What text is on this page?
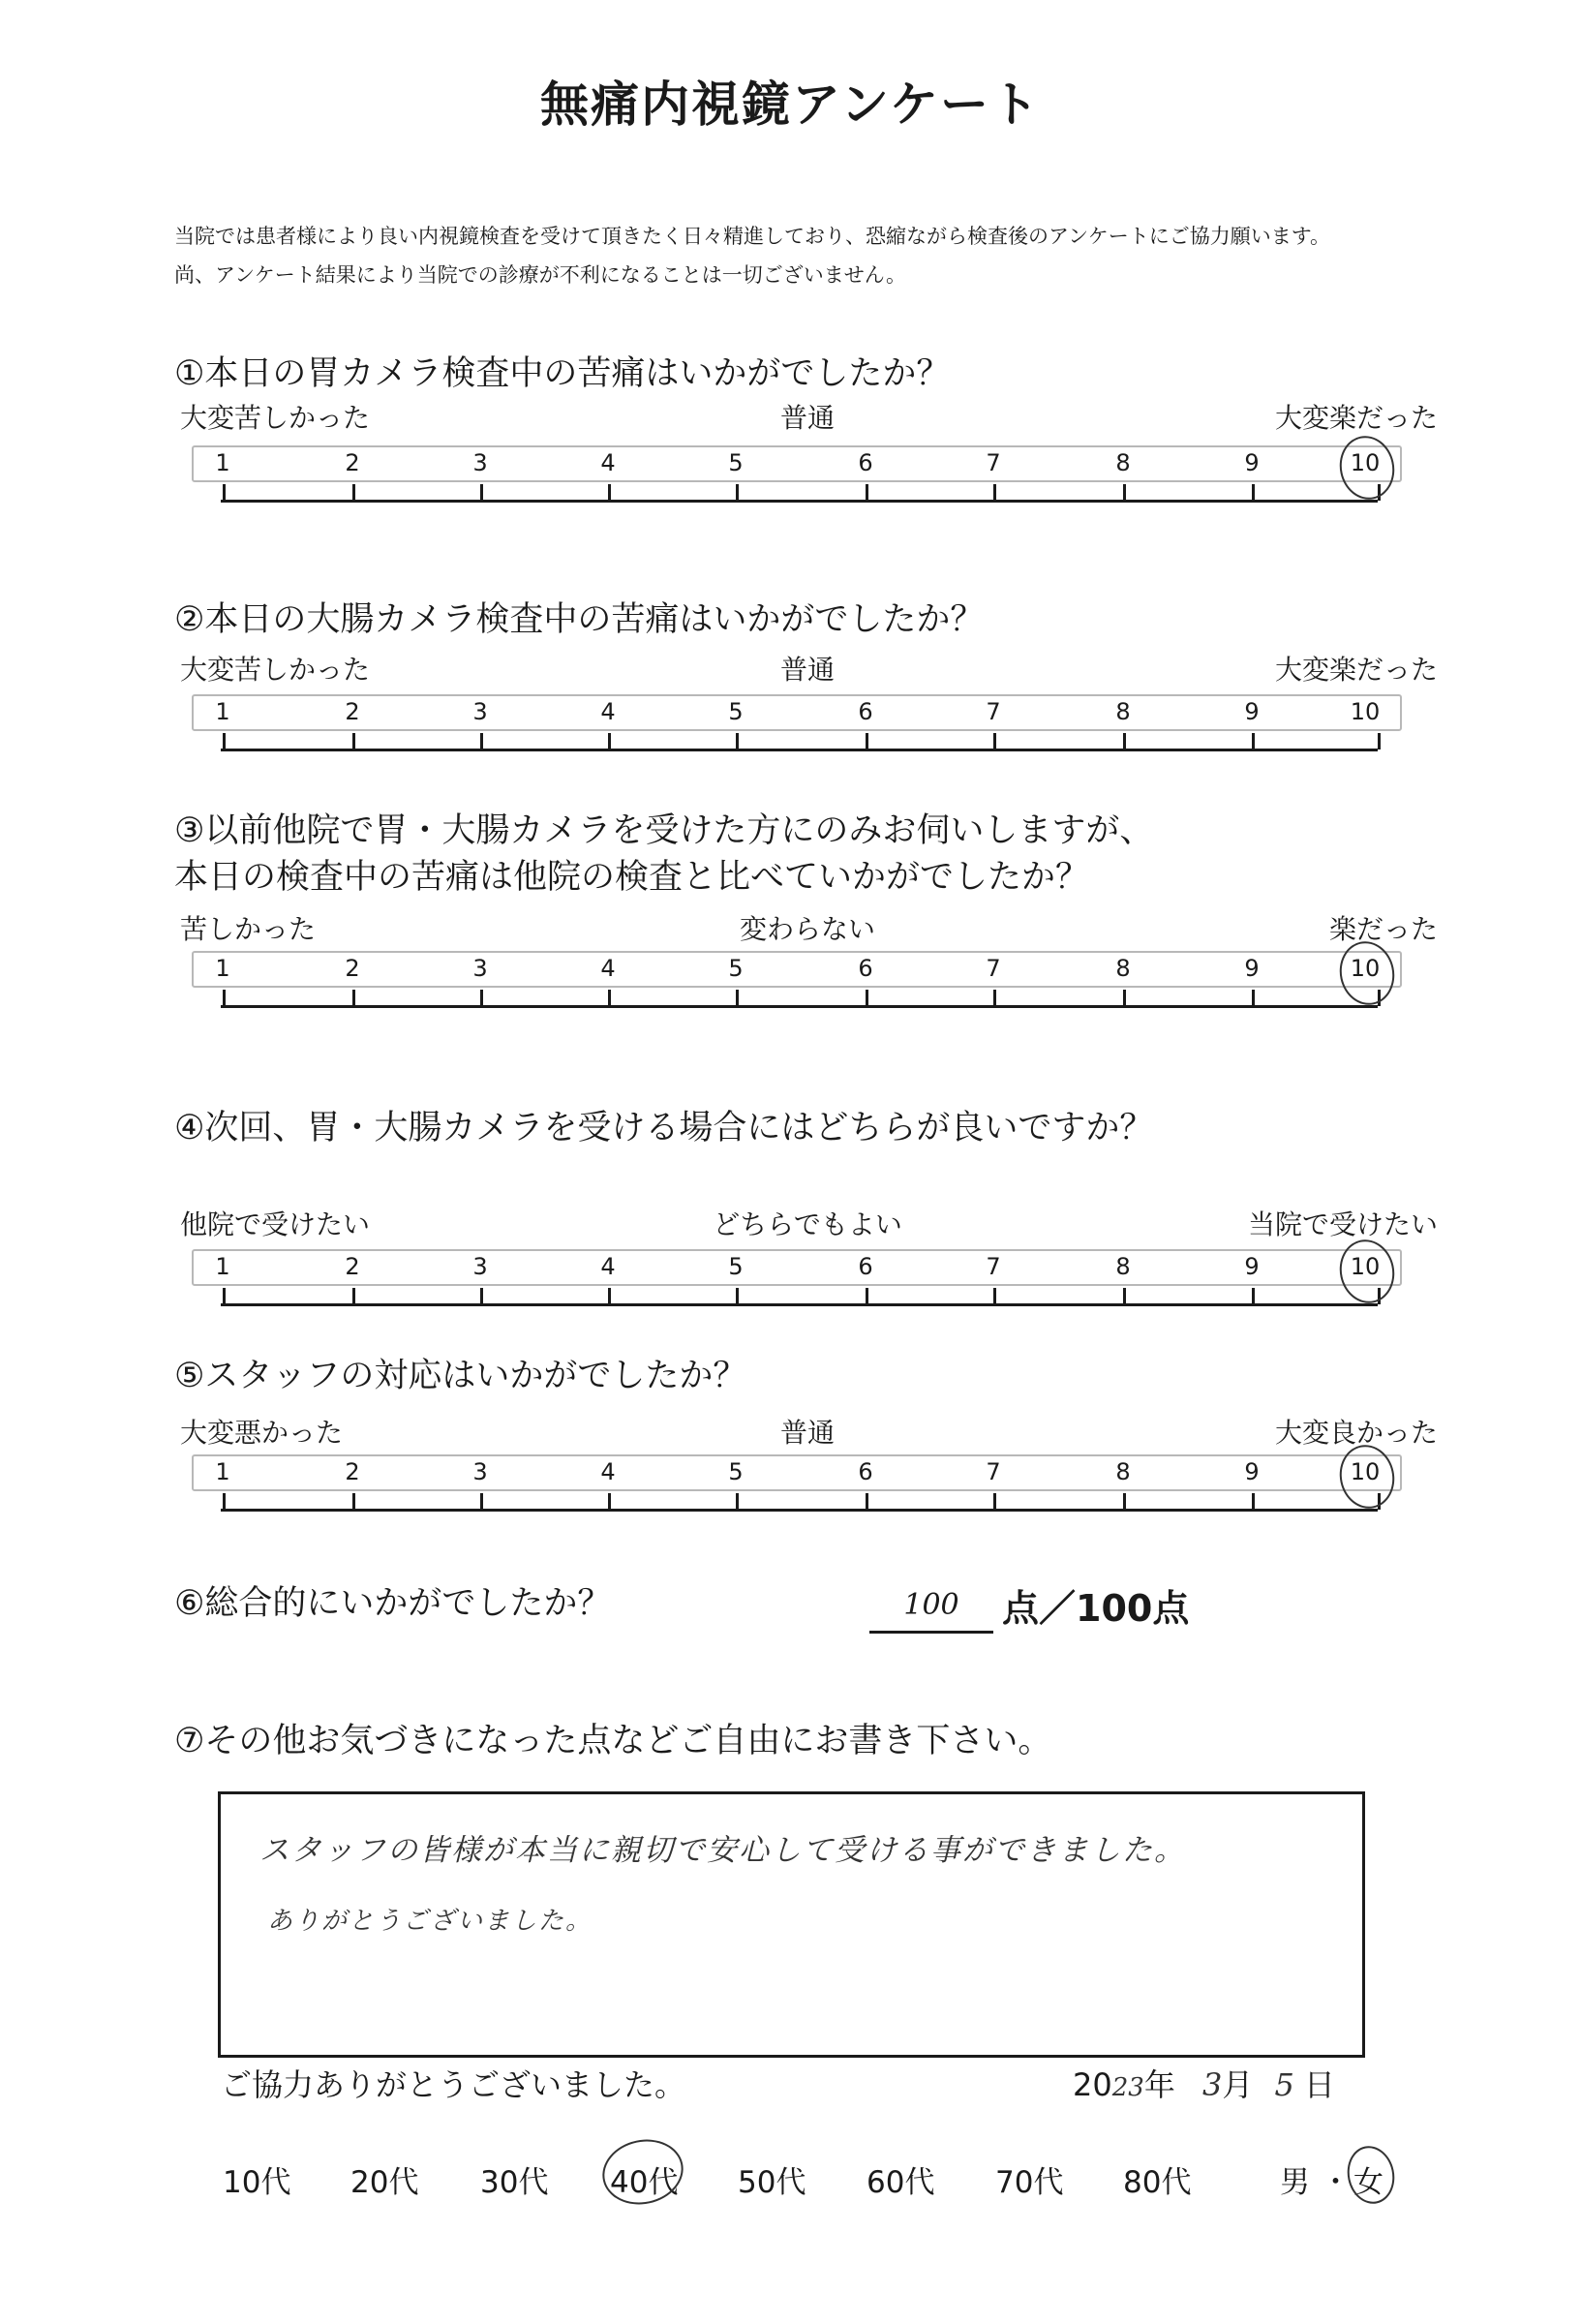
無痛内視鏡アンケート
当院では患者様により良い内視鏡検査を受けて頂きたく日々精進しており、恐縮ながら検査後のアンケートにご協力願います。
尚、アンケート結果により当院での診療が不利になることは一切ございません。
①本日の胃カメラ検査中の苦痛はいかがでしたか？
大変苦しかった	普通	大変楽だった
1	2	3	4	5	6	7	8	9	10
②本日の大腸カメラ検査中の苦痛はいかがでしたか？
大変苦しかった	普通	大変楽だった
1	2	3	4	5	6	7	8	9	10
③以前他院で胃・大腸カメラを受けた方にのみお伺いしますが、
本日の検査中の苦痛は他院の検査と比べていかがでしたか？
苦しかった	変わらない	楽だった
1	2	3	4	5	6	7	8	9	10
④次回、胃・大腸カメラを受ける場合にはどちらが良いですか？
他院で受けたい	どちらでもよい	当院で受けたい
1	2	3	4	5	6	7	8	9	10
⑤スタッフの対応はいかがでしたか？
大変悪かった	普通	大変良かった
1	2	3	4	5	6	7	8	9	10
⑥総合的にいかがでしたか？	100	点／100点
⑦その他お気づきになった点などご自由にお書き下さい。
スタッフの皆様が本当に親切で安心して受ける事ができました。
ありがとうございました。
ご協力ありがとうございました。	2023年 3月 5 日
10代 20代 30代 40代 50代 60代 70代 80代	男 ・ 女
